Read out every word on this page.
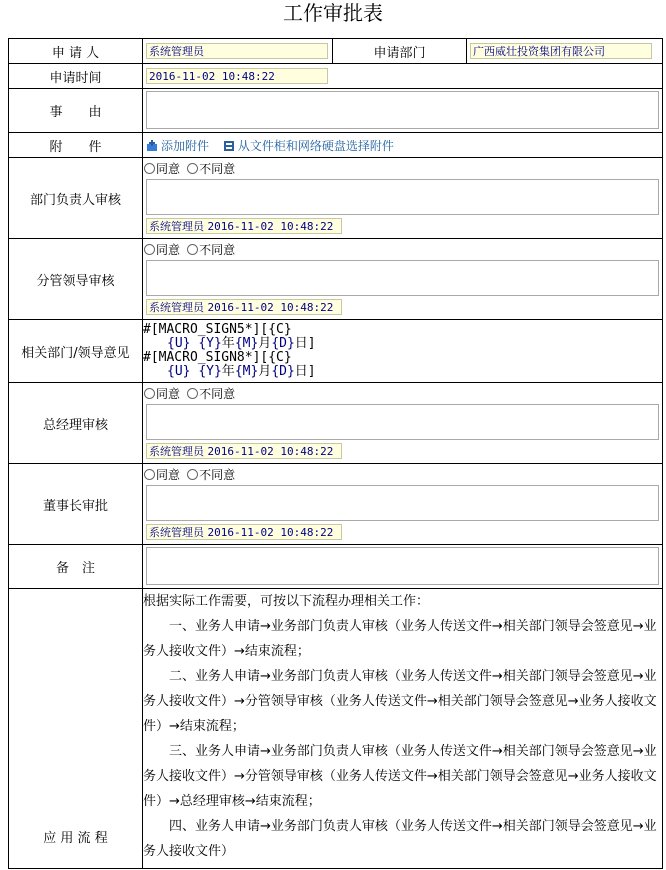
工作审批表
申 请 人	系统管理员	申请部门	广西威壮投资集团有限公司
申请时间	2016-11-02 10:48:22		
事　　由			

附　　件	添加附件 从文件柜和网络硬盘选择附件		
部门负责人审核	同意 不同意
系统管理员 2016-11-02 10:48:22		

分管领导审核	同意 不同意
系统管理员 2016-11-02 10:48:22		

相关部门/领导意见	#[MACRO_SIGN5*][{C}
{U} {Y}年{M}月{D}日]
#[MACRO_SIGN8*][{C}
{U} {Y}年{M}月{D}日]		

总经理审核	同意 不同意
系统管理员 2016-11-02 10:48:22		

董事长审批	同意 不同意
系统管理员 2016-11-02 10:48:22		

备　注			

应 用 流 程	根据实际工作需要，可按以下流程办理相关工作：

一、业务人申请→业务部门负责人审核（业务人传送文件→相关部门领导会签意见→业务人接收文件）→结束流程；

二、业务人申请→业务部门负责人审核（业务人传送文件→相关部门领导会签意见→业务人接收文件）→分管领导审核（业务人传送文件→相关部门领导会签意见→业务人接收文件）→结束流程；

三、业务人申请→业务部门负责人审核（业务人传送文件→相关部门领导会签意见→业务人接收文件）→分管领导审核（业务人传送文件→相关部门领导会签意见→业务人接收文件）→总经理审核→结束流程；

四、业务人申请→业务部门负责人审核（业务人传送文件→相关部门领导会签意见→业务人接收文件）		
